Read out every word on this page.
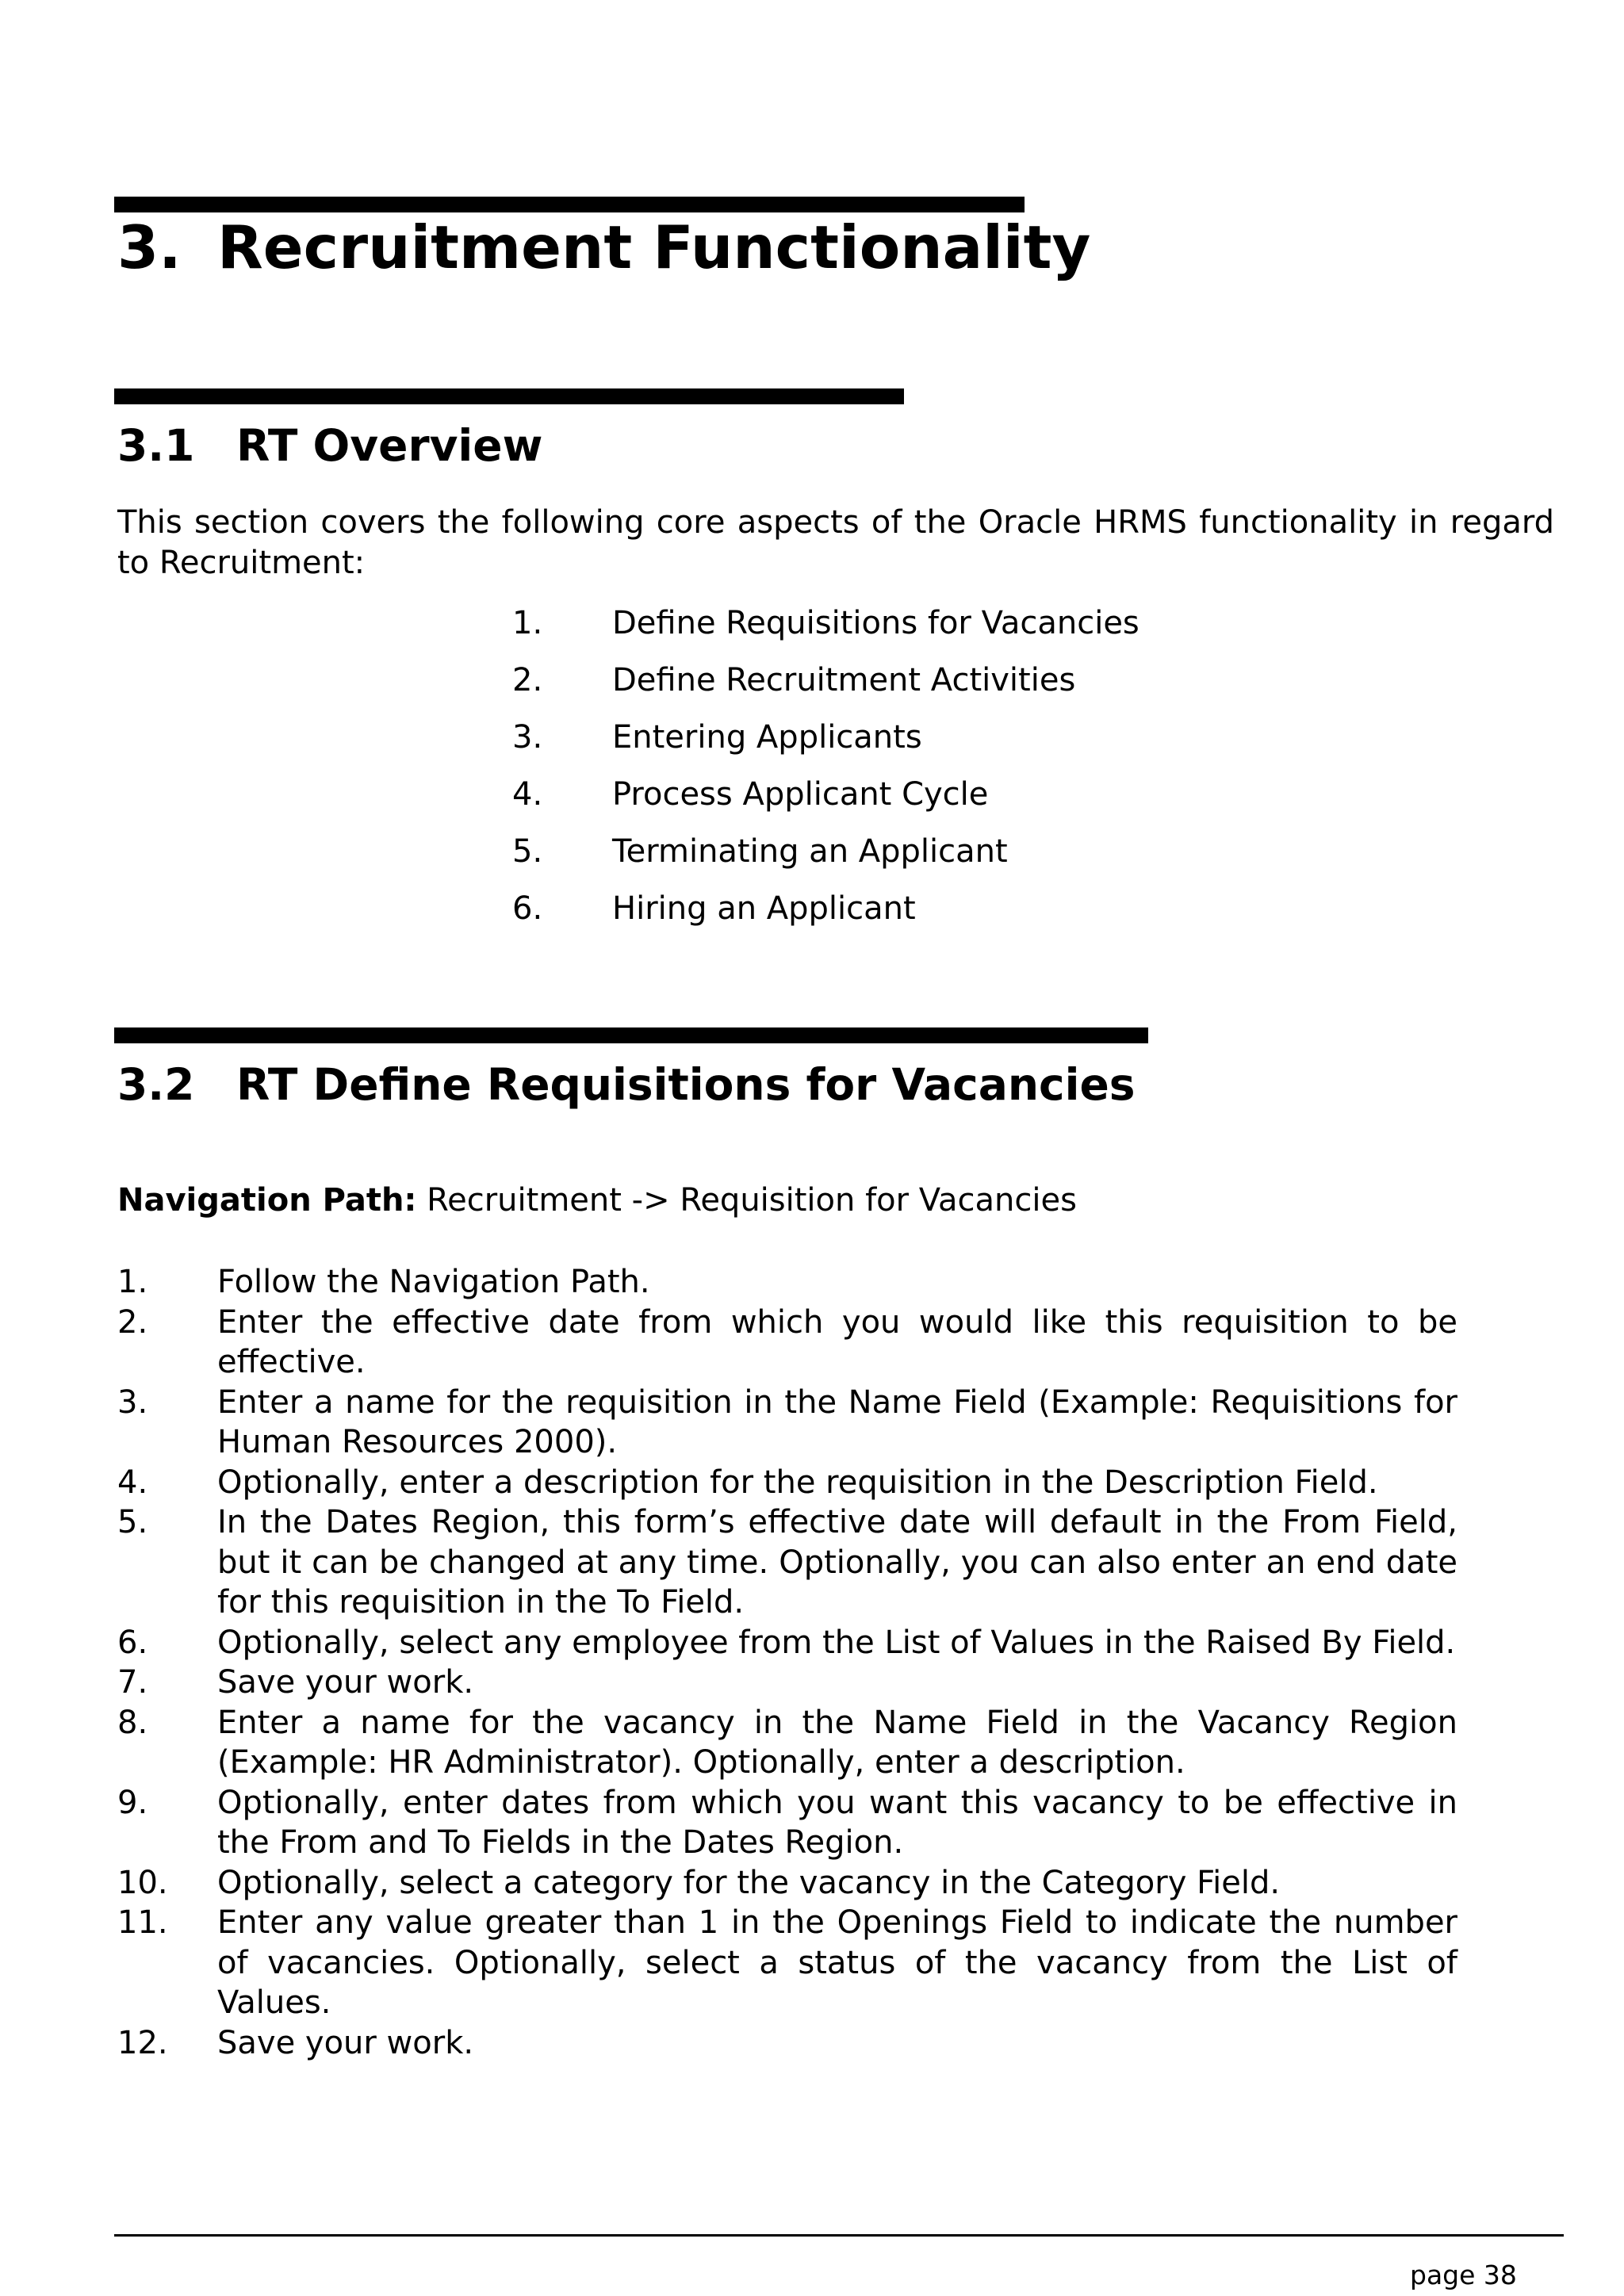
3. Recruitment Functionality
3.1 RT Overview

This section covers the following core aspects of the Oracle HRMS functionality in regard to Recruitment:

1. Define Requisitions for Vacancies
2. Define Recruitment Activities
3. Entering Applicants
4. Process Applicant Cycle
5. Terminating an Applicant
6. Hiring an Applicant
3.2 RT Define Requisitions for Vacancies

Navigation Path: Recruitment -> Requisition for Vacancies

1.	Follow the Navigation Path.
2.	Enter the effective date from which you would like this requisition to be effective.
3.	Enter a name for the requisition in the Name Field (Example: Requisitions for Human Resources 2000).
4.	Optionally, enter a description for the requisition in the Description Field.
5.	In the Dates Region, this form’s effective date will default in the From Field, but it can be changed at any time. Optionally, you can also enter an end date for this requisition in the To Field.
6.	Optionally, select any employee from the List of Values in the Raised By Field.
7.	Save your work.
8.	Enter a name for the vacancy in the Name Field in the Vacancy Region (Example: HR Administrator). Optionally, enter a description.
9.	Optionally, enter dates from which you want this vacancy to be effective in the From and To Fields in the Dates Region.
10.	Optionally, select a category for the vacancy in the Category Field.
11.	Enter any value greater than 1 in the Openings Field to indicate the number of vacancies. Optionally, select a status of the vacancy from the List of Values.
12.	Save your work.

page 38
